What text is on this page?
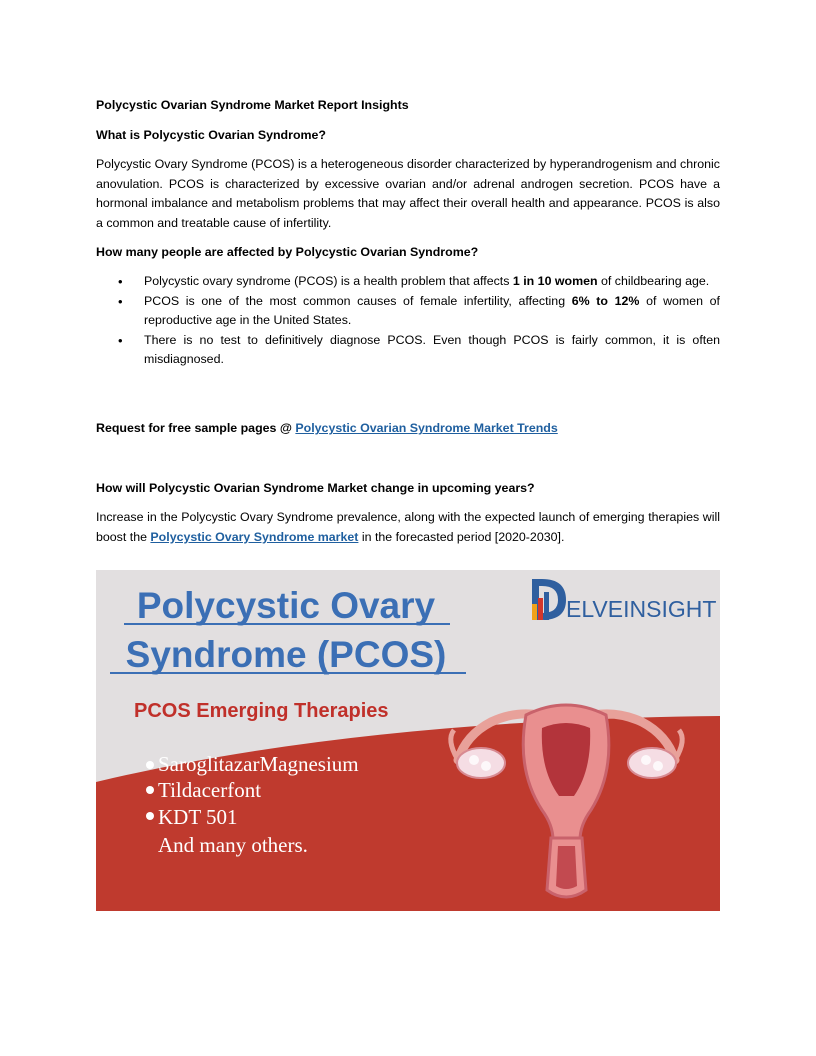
Polycystic Ovarian Syndrome Market Report Insights

What is Polycystic Ovarian Syndrome?

Polycystic Ovary Syndrome (PCOS) is a heterogeneous disorder characterized by hyperandrogenism and chronic anovulation. PCOS is characterized by excessive ovarian and/or adrenal androgen secretion. PCOS have a hormonal imbalance and metabolism problems that may affect their overall health and appearance. PCOS is also a common and treatable cause of infertility.

How many people are affected by Polycystic Ovarian Syndrome?

• Polycystic ovary syndrome (PCOS) is a health problem that affects 1 in 10 women of childbearing age.
• PCOS is one of the most common causes of female infertility, affecting 6% to 12% of women of reproductive age in the United States.
• There is no test to definitively diagnose PCOS. Even though PCOS is fairly common, it is often misdiagnosed.

Request for free sample pages @ Polycystic Ovarian Syndrome Market Trends

How will Polycystic Ovarian Syndrome Market change in upcoming years?

Increase in the Polycystic Ovary Syndrome prevalence, along with the expected launch of emerging therapies will boost the Polycystic Ovary Syndrome market in the forecasted period [2020-2030].

Polycystic Ovary
Syndrome (PCOS)
PCOS Emerging Therapies
ELVEINSIGHT
SaroglitazarMagnesium
Tildacerfont
KDT 501
And many others.
